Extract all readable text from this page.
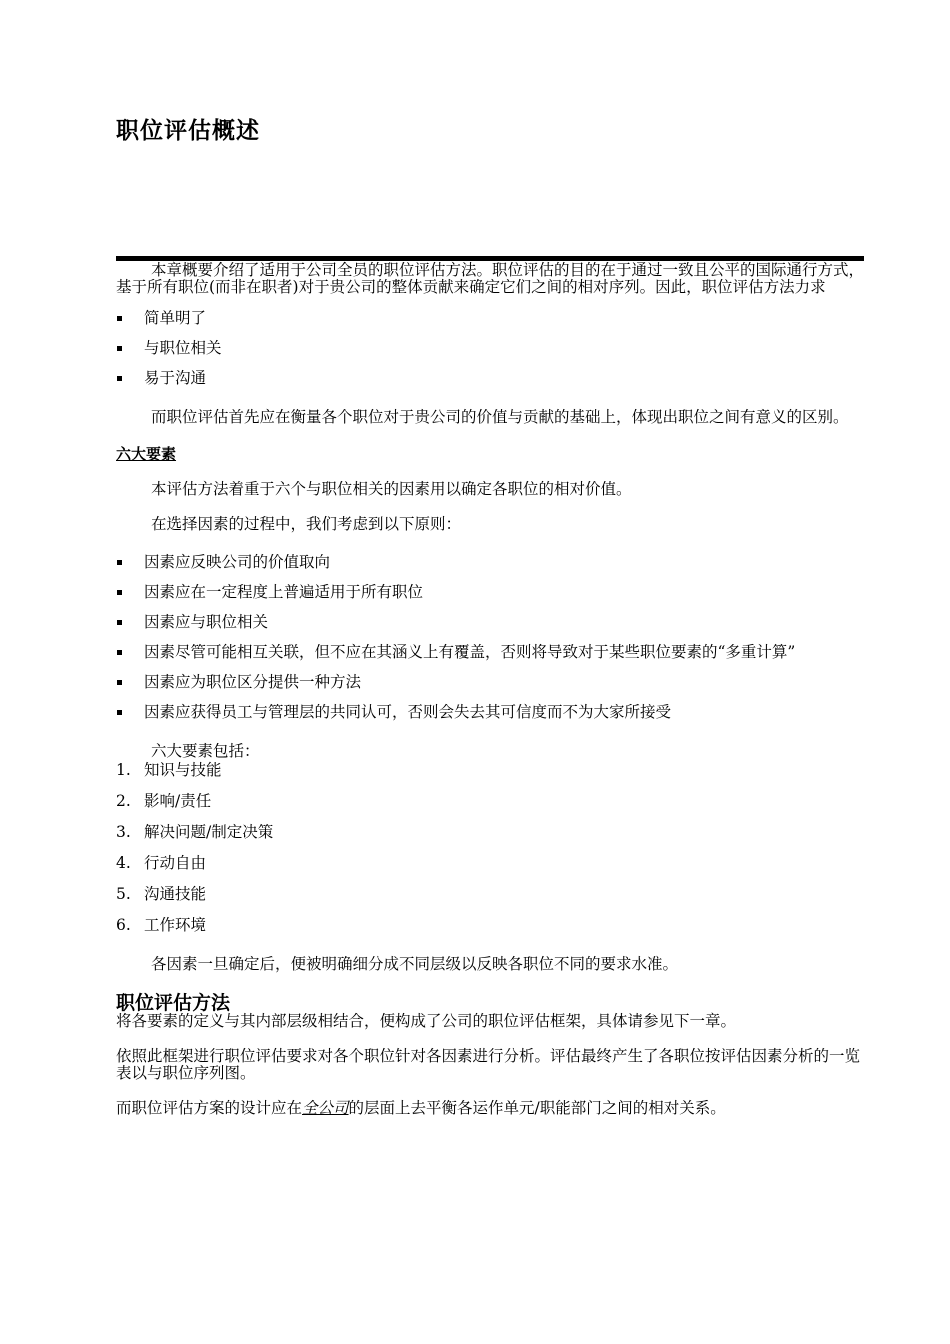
职位评估概述

本章概要介绍了适用于公司全员的职位评估方法。职位评估的目的在于通过一致且公平的国际通行方式，基于所有职位(而非在职者)对于贵公司的整体贡献来确定它们之间的相对序列。因此，职位评估方法力求

简单明了
与职位相关
易于沟通

而职位评估首先应在衡量各个职位对于贵公司的价值与贡献的基础上，体现出职位之间有意义的区别。

六大要素

本评估方法着重于六个与职位相关的因素用以确定各职位的相对价值。

在选择因素的过程中，我们考虑到以下原则：

因素应反映公司的价值取向
因素应在一定程度上普遍适用于所有职位
因素应与职位相关
因素尽管可能相互关联，但不应在其涵义上有覆盖，否则将导致对于某些职位要素的“多重计算”
因素应为职位区分提供一种方法
因素应获得员工与管理层的共同认可，否则会失去其可信度而不为大家所接受

六大要素包括：

1. 知识与技能
2. 影响/责任
3. 解决问题/制定决策
4. 行动自由
5. 沟通技能
6. 工作环境

各因素一旦确定后，便被明确细分成不同层级以反映各职位不同的要求水准。

职位评估方法

将各要素的定义与其内部层级相结合，便构成了公司的职位评估框架，具体请参见下一章。

依照此框架进行职位评估要求对各个职位针对各因素进行分析。评估最终产生了各职位按评估因素分析的一览表以与职位序列图。

而职位评估方案的设计应在全公司的层面上去平衡各运作单元/职能部门之间的相对关系。
